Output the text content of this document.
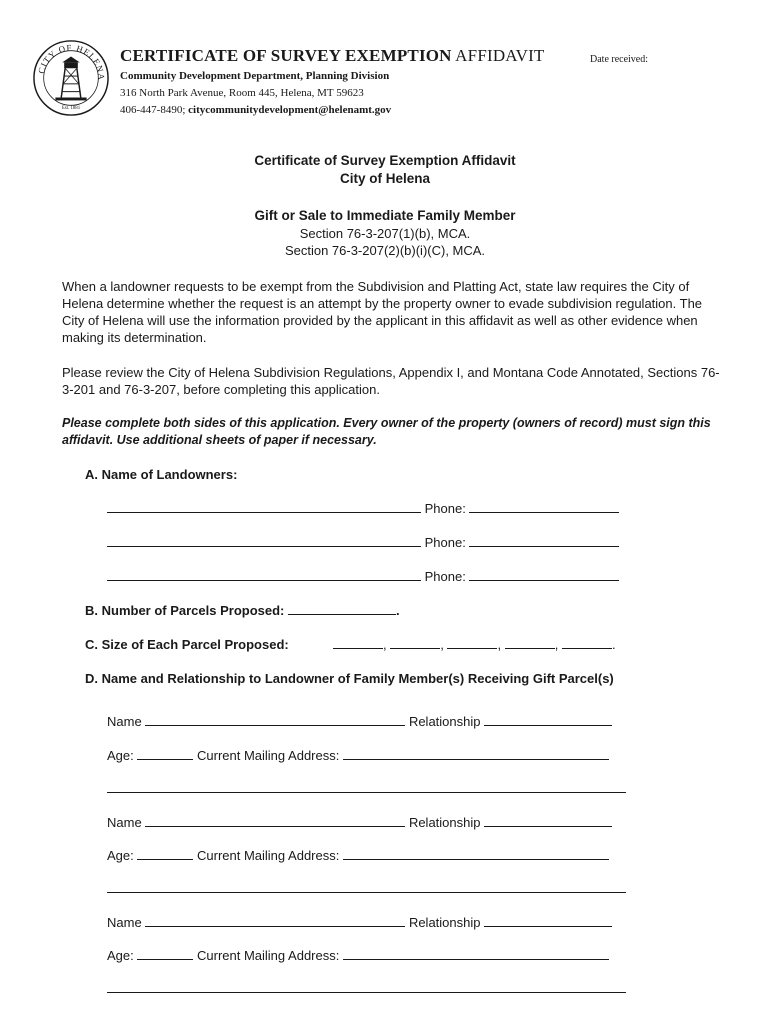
CITY OF HELENA
Est. 1881
CERTIFICATE OF SURVEY EXEMPTION AFFIDAVIT	Date received:
Community Development Department, Planning Division
316 North Park Avenue, Room 445, Helena, MT 59623
406-447-8490; citycommunitydevelopment@helenamt.gov
Certificate of Survey Exemption Affidavit
City of Helena
Gift or Sale to Immediate Family Member
Section 76-3-207(1)(b), MCA.
Section 76-3-207(2)(b)(i)(C), MCA.
When a landowner requests to be exempt from the Subdivision and Platting Act, state law requires the City of Helena determine whether the request is an attempt by the property owner to evade subdivision regulation. The City of Helena will use the information provided by the applicant in this affidavit as well as other evidence when making its determination.
Please review the City of Helena Subdivision Regulations, Appendix I, and Montana Code Annotated, Sections 76-3-201 and 76-3-207, before completing this application.
Please complete both sides of this application. Every owner of the property (owners of record) must sign this affidavit. Use additional sheets of paper if necessary.
A. Name of Landowners:
Phone:
Phone:
Phone:
B. Number of Parcels Proposed:	.
C. Size of Each Parcel Proposed:	,	,	,	,	.
D. Name and Relationship to Landowner of Family Member(s) Receiving Gift Parcel(s)
Name	Relationship
Age:	Current Mailing Address:
Name	Relationship
Age:	Current Mailing Address:
Name	Relationship
Age:	Current Mailing Address:
